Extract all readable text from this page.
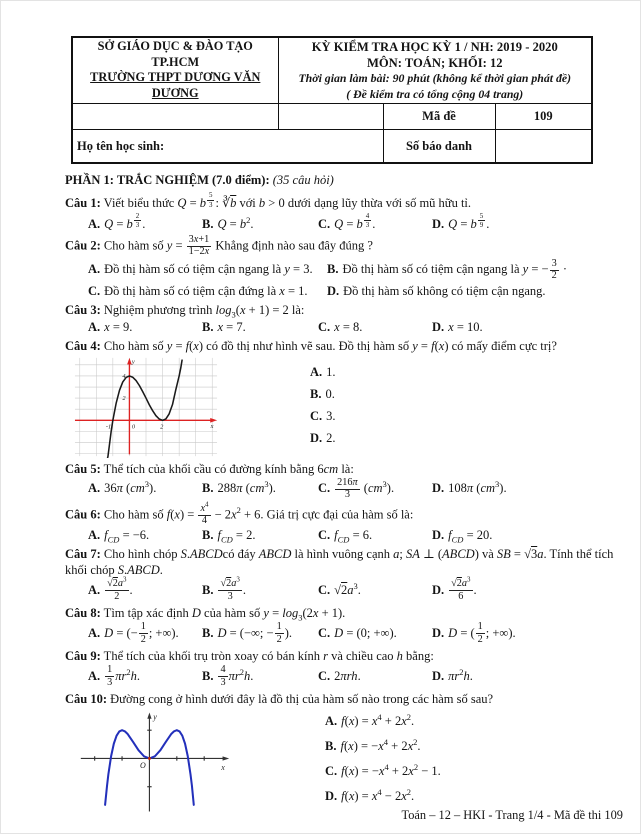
SỞ GIÁO DỤC & ĐÀO TẠO TP.HCM
TRƯỜNG THPT DƯƠNG VĂN DƯƠNG

KỲ KIỂM TRA HỌC KỲ 1 / NH: 2019 - 2020
MÔN: TOÁN; KHỐI: 12
Thời gian làm bài: 90 phút (không kể thời gian phát đề)
( Đề kiểm tra có tổng cộng 04 trang)

		Mã đề	109
Họ tên học sinh:		Số báo danh	
PHẦN 1: TRẮC NGHIỆM (7.0 điểm): (35 câu hỏi)
Câu 1: Viết biểu thức Q = b $^{\frac{5}{3}}$ : $∛\overline{b}$ với b > 0 dưới dạng lũy thừa với số mũ hữu tỉ.
A. Q = b $^{\frac{2}{3}}$ .	B. $Q = b^2$.	C. Q = b $^{\frac{4}{3}}$ .	D. Q = b $^{\frac{5}{9}}$ .
Câu 2: Cho hàm số $y = \frac{3x+1}{1-2x}$ Khẳng định nào sau đây đúng ?
A. Đồ thị hàm số có tiệm cận ngang là y = 3.	B. Đồ thị hàm số có tiệm cận ngang là y = − $\frac{3}{2}$ ·
C. Đồ thị hàm số có tiệm cận đứng là x = 1.	D. Đồ thị hàm số không có tiệm cận ngang.
Câu 3: Nghiệm phương trình $\log_3(x + 1) = 2$ là:
A. x = 9.	B. x = 7.	C. x = 8.	D. x = 10.
Câu 4: Cho hàm số y = f(x) có đồ thị như hình vẽ sau. Đồ thị hàm số y = f(x) có mấy điểm cực trị?
-1	0	2
2
4
y
x
A. 1.
B. 0.
C. 3.
D. 2.
Câu 5: Thể tích của khối cầu có đường kính bằng 6cm là:
A. 36π $(cm^3)$.	B. 288π $(cm^3)$.	C. $\frac{216\pi}{3} (cm^3)$.	D. 108π $(cm^3)$.
Câu 6: Cho hàm số $f(x) = \frac{x^4}{4} - 2x^2 + 6$. Giá trị cực đại của hàm số là:
A. $f_{CD} = -6$.	B. $f_{CD} = 2$.	C. $f_{CD} = 6$.	D. $f_{CD} = 20$.
Câu 7: Cho hình chóp S.ABCDcó đáy ABCD là hình vuông cạnh a; SA ⊥ (ABCD) và SB = √3a. Tính thể tích khối chóp S.ABCD.
A. $\frac{√2a^3}{2}$ .	B. $\frac{√2a^3}{3}$ .	C. $√2a^3$.	D. $\frac{√2a^3}{6}$ .
Câu 8: Tìm tập xác định D của hàm số $y = \log_3(2x + 1)$.
A. D = (− $\frac{1}{2}$ ; +∞).	B. D = (−∞; − $\frac{1}{2}$ ).	C. D = (0; +∞).	D. D = ( $\frac{1}{2}$ ; +∞).
Câu 9: Thể tích của khối trụ tròn xoay có bán kính r và chiều cao h bằng:
A. $\frac{1}{3} \pi r^2h$.	B. $\frac{4}{3} \pi r^2h$.	C. 2πrh.	D. $\pi r^2h$.
Câu 10: Đường cong ở hình dưới đây là đồ thị của hàm số nào trong các hàm số sau?
O	x
y	A. $f(x) = x^4 + 2x^2$.
B. $f(x) = -x^4 + 2x^2$.
C. $f(x) = -x^4 + 2x^2 - 1$.
D. $f(x) = x^4 - 2x^2$.
Toán – 12 – HKI - Trang 1/4 - Mã đề thi 109
